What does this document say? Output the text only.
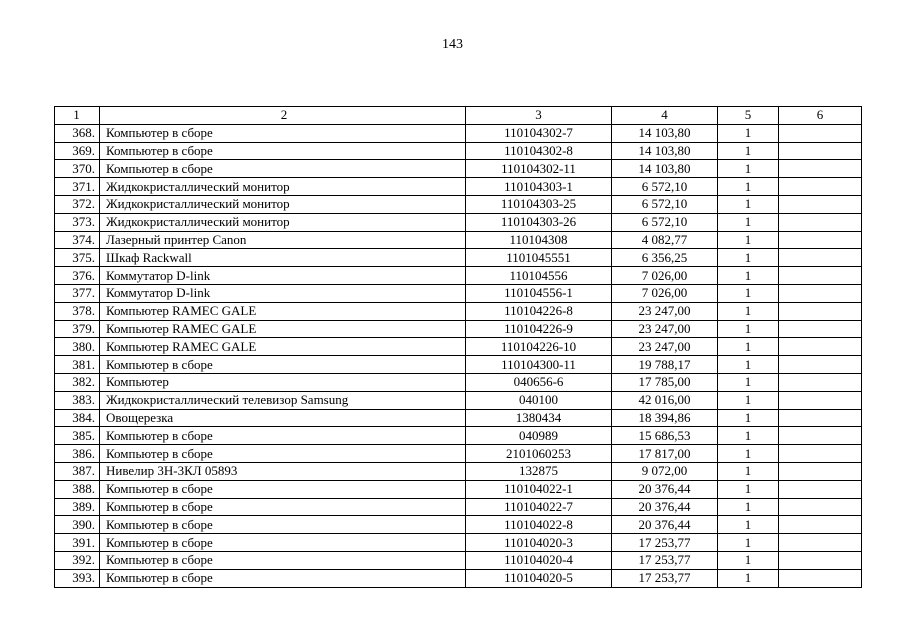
143
1	2	3	4	5	6
368.	Компьютер в сборе	110104302-7	14 103,80	1	
369.	Компьютер в сборе	110104302-8	14 103,80	1	
370.	Компьютер в сборе	110104302-11	14 103,80	1	
371.	Жидкокристаллический монитор	110104303-1	6 572,10	1	
372.	Жидкокристаллический монитор	110104303-25	6 572,10	1	
373.	Жидкокристаллический монитор	110104303-26	6 572,10	1	
374.	Лазерный принтер Canon	110104308	4 082,77	1	
375.	Шкаф Rackwall	1101045551	6 356,25	1	
376.	Коммутатор D-link	110104556	7 026,00	1	
377.	Коммутатор D-link	110104556-1	7 026,00	1	
378.	Компьютер RAMEC GALE	110104226-8	23 247,00	1	
379.	Компьютер RAMEC GALE	110104226-9	23 247,00	1	
380.	Компьютер RAMEC GALE	110104226-10	23 247,00	1	
381.	Компьютер в сборе	110104300-11	19 788,17	1	
382.	Компьютер	040656-6	17 785,00	1	
383.	Жидкокристаллический телевизор Samsung	040100	42 016,00	1	
384.	Овощерезка	1380434	18 394,86	1	
385.	Компьютер в сборе	040989	15 686,53	1	
386.	Компьютер в сборе	2101060253	17 817,00	1	
387.	Нивелир 3Н-3КЛ 05893	132875	9 072,00	1	
388.	Компьютер в сборе	110104022-1	20 376,44	1	
389.	Компьютер в сборе	110104022-7	20 376,44	1	
390.	Компьютер в сборе	110104022-8	20 376,44	1	
391.	Компьютер в сборе	110104020-3	17 253,77	1	
392.	Компьютер в сборе	110104020-4	17 253,77	1	
393.	Компьютер в сборе	110104020-5	17 253,77	1	
